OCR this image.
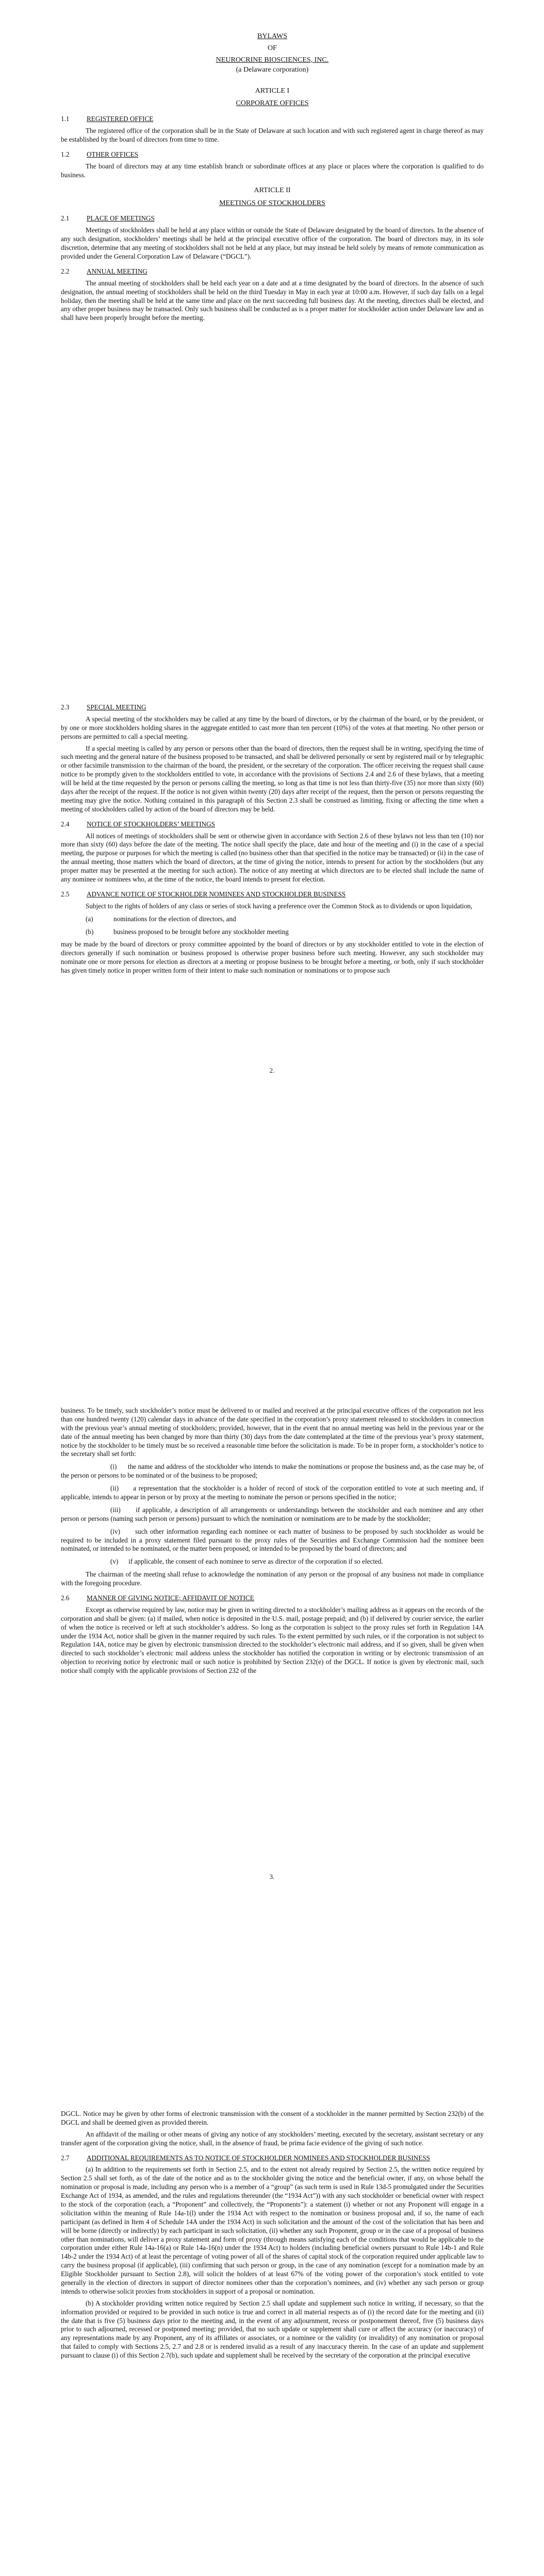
BYLAWS
OF
NEUROCRINE BIOSCIENCES, INC.
(a Delaware corporation)
ARTICLE I
CORPORATE OFFICES
1.1	REGISTERED OFFICE

The registered office of the corporation shall be in the State of Delaware at such location and with such registered agent in charge thereof as may be established by the board of directors from time to time.

1.2	OTHER OFFICES

The board of directors may at any time establish branch or subordinate offices at any place or places where the corporation is qualified to do business.

ARTICLE II
MEETINGS OF STOCKHOLDERS
2.1	PLACE OF MEETINGS

Meetings of stockholders shall be held at any place within or outside the State of Delaware designated by the board of directors. In the absence of any such designation, stockholders’ meetings shall be held at the principal executive office of the corporation. The board of directors may, in its sole discretion, determine that any meeting of stockholders shall not be held at any place, but may instead be held solely by means of remote communication as provided under the General Corporation Law of Delaware (“DGCL”).

2.2	ANNUAL MEETING

The annual meeting of stockholders shall be held each year on a date and at a time designated by the board of directors. In the absence of such designation, the annual meeting of stockholders shall be held on the third Tuesday in May in each year at 10:00 a.m. However, if such day falls on a legal holiday, then the meeting shall be held at the same time and place on the next succeeding full business day. At the meeting, directors shall be elected, and any other proper business may be transacted. Only such business shall be conducted as is a proper matter for stockholder action under Delaware law and as shall have been properly brought before the meeting.

2.3	SPECIAL MEETING

A special meeting of the stockholders may be called at any time by the board of directors, or by the chairman of the board, or by the president, or by one or more stockholders holding shares in the aggregate entitled to cast more than ten percent (10%) of the votes at that meeting. No other person or persons are permitted to call a special meeting.

If a special meeting is called by any person or persons other than the board of directors, then the request shall be in writing, specifying the time of such meeting and the general nature of the business proposed to be transacted, and shall be delivered personally or sent by registered mail or by telegraphic or other facsimile transmission to the chairman of the board, the president, or the secretary of the corporation. The officer receiving the request shall cause notice to be promptly given to the stockholders entitled to vote, in accordance with the provisions of Sections 2.4 and 2.6 of these bylaws, that a meeting will be held at the time requested by the person or persons calling the meeting, so long as that time is not less than thirty-five (35) nor more than sixty (60) days after the receipt of the request. If the notice is not given within twenty (20) days after receipt of the request, then the person or persons requesting the meeting may give the notice. Nothing contained in this paragraph of this Section 2.3 shall be construed as limiting, fixing or affecting the time when a meeting of stockholders called by action of the board of directors may be held.

2.4	NOTICE OF STOCKHOLDERS’ MEETINGS

All notices of meetings of stockholders shall be sent or otherwise given in accordance with Section 2.6 of these bylaws not less than ten (10) nor more than sixty (60) days before the date of the meeting. The notice shall specify the place, date and hour of the meeting and (i) in the case of a special meeting, the purpose or purposes for which the meeting is called (no business other than that specified in the notice may be transacted) or (ii) in the case of the annual meeting, those matters which the board of directors, at the time of giving the notice, intends to present for action by the stockholders (but any proper matter may be presented at the meeting for such action). The notice of any meeting at which directors are to be elected shall include the name of any nominee or nominees who, at the time of the notice, the board intends to present for election.

2.5	ADVANCE NOTICE OF STOCKHOLDER NOMINEES AND STOCKHOLDER BUSINESS

Subject to the rights of holders of any class or series of stock having a preference over the Common Stock as to dividends or upon liquidation,

(a)	nominations for the election of directors, and
(b)	business proposed to be brought before any stockholder meeting

may be made by the board of directors or proxy committee appointed by the board of directors or by any stockholder entitled to vote in the election of directors generally if such nomination or business proposed is otherwise proper business before such meeting. However, any such stockholder may nominate one or more persons for election as directors at a meeting or propose business to be brought before a meeting, or both, only if such stockholder has given timely notice in proper written form of their intent to make such nomination or nominations or to propose such

2.

business. To be timely, such stockholder’s notice must be delivered to or mailed and received at the principal executive offices of the corporation not less than one hundred twenty (120) calendar days in advance of the date specified in the corporation’s proxy statement released to stockholders in connection with the previous year’s annual meeting of stockholders; provided, however, that in the event that no annual meeting was held in the previous year or the date of the annual meeting has been changed by more than thirty (30) days from the date contemplated at the time of the previous year’s proxy statement, notice by the stockholder to be timely must be so received a reasonable time before the solicitation is made. To be in proper form, a stockholder’s notice to the secretary shall set forth:

(i) the name and address of the stockholder who intends to make the nominations or propose the business and, as the case may be, of the person or persons to be nominated or of the business to be proposed;

(ii) a representation that the stockholder is a holder of record of stock of the corporation entitled to vote at such meeting and, if applicable, intends to appear in person or by proxy at the meeting to nominate the person or persons specified in the notice;

(iii) if applicable, a description of all arrangements or understandings between the stockholder and each nominee and any other person or persons (naming such person or persons) pursuant to which the nomination or nominations are to be made by the stockholder;

(iv) such other information regarding each nominee or each matter of business to be proposed by such stockholder as would be required to be included in a proxy statement filed pursuant to the proxy rules of the Securities and Exchange Commission had the nominee been nominated, or intended to be nominated, or the matter been proposed, or intended to be proposed by the board of directors; and

(v) if applicable, the consent of each nominee to serve as director of the corporation if so elected.

The chairman of the meeting shall refuse to acknowledge the nomination of any person or the proposal of any business not made in compliance with the foregoing procedure.

2.6	MANNER OF GIVING NOTICE; AFFIDAVIT OF NOTICE

Except as otherwise required by law, notice may be given in writing directed to a stockholder’s mailing address as it appears on the records of the corporation and shall be given: (a) if mailed, when notice is deposited in the U.S. mail, postage prepaid; and (b) if delivered by courier service, the earlier of when the notice is received or left at such stockholder’s address. So long as the corporation is subject to the proxy rules set forth in Regulation 14A under the 1934 Act, notice shall be given in the manner required by such rules. To the extent permitted by such rules, or if the corporation is not subject to Regulation 14A, notice may be given by electronic transmission directed to the stockholder’s electronic mail address, and if so given, shall be given when directed to such stockholder’s electronic mail address unless the stockholder has notified the corporation in writing or by electronic transmission of an objection to receiving notice by electronic mail or such notice is prohibited by Section 232(e) of the DGCL. If notice is given by electronic mail, such notice shall comply with the applicable provisions of Section 232 of the

3.

DGCL. Notice may be given by other forms of electronic transmission with the consent of a stockholder in the manner permitted by Section 232(b) of the DGCL and shall be deemed given as provided therein.

An affidavit of the mailing or other means of giving any notice of any stockholders’ meeting, executed by the secretary, assistant secretary or any transfer agent of the corporation giving the notice, shall, in the absence of fraud, be prima facie evidence of the giving of such notice.

2.7	ADDITIONAL REQUIREMENTS AS TO NOTICE OF STOCKHOLDER NOMINEES AND STOCKHOLDER BUSINESS

(a) In addition to the requirements set forth in Section 2.5, and to the extent not already required by Section 2.5, the written notice required by Section 2.5 shall set forth, as of the date of the notice and as to the stockholder giving the notice and the beneficial owner, if any, on whose behalf the nomination or proposal is made, including any person who is a member of a “group” (as such term is used in Rule 13d-5 promulgated under the Securities Exchange Act of 1934, as amended, and the rules and regulations thereunder (the “1934 Act”)) with any such stockholder or beneficial owner with respect to the stock of the corporation (each, a “Proponent” and collectively, the “Proponents”): a statement (i) whether or not any Proponent will engage in a solicitation within the meaning of Rule 14a-1(l) under the 1934 Act with respect to the nomination or business proposal and, if so, the name of each participant (as defined in Item 4 of Schedule 14A under the 1934 Act) in such solicitation and the amount of the cost of the solicitation that has been and will be borne (directly or indirectly) by each participant in such solicitation, (ii) whether any such Proponent, group or in the case of a proposal of business other than nominations, will deliver a proxy statement and form of proxy (through means satisfying each of the conditions that would be applicable to the corporation under either Rule 14a-16(a) or Rule 14a-16(n) under the 1934 Act) to holders (including beneficial owners pursuant to Rule 14b-1 and Rule 14b-2 under the 1934 Act) of at least the percentage of voting power of all of the shares of capital stock of the corporation required under applicable law to carry the business proposal (if applicable), (iii) confirming that such person or group, in the case of any nomination (except for a nomination made by an Eligible Stockholder pursuant to Section 2.8), will solicit the holders of at least 67% of the voting power of the corporation’s stock entitled to vote generally in the election of directors in support of director nominees other than the corporation’s nominees, and (iv) whether any such person or group intends to otherwise solicit proxies from stockholders in support of a proposal or nomination.

(b) A stockholder providing written notice required by Section 2.5 shall update and supplement such notice in writing, if necessary, so that the information provided or required to be provided in such notice is true and correct in all material respects as of (i) the record date for the meeting and (ii) the date that is five (5) business days prior to the meeting and, in the event of any adjournment, recess or postponement thereof, five (5) business days prior to such adjourned, recessed or postponed meeting; provided, that no such update or supplement shall cure or affect the accuracy (or inaccuracy) of any representations made by any Proponent, any of its affiliates or associates, or a nominee or the validity (or invalidity) of any nomination or proposal that failed to comply with Sections 2.5, 2.7 and 2.8 or is rendered invalid as a result of any inaccuracy therein. In the case of an update and supplement pursuant to clause (i) of this Section 2.7(b), such update and supplement shall be received by the secretary of the corporation at the principal executive
